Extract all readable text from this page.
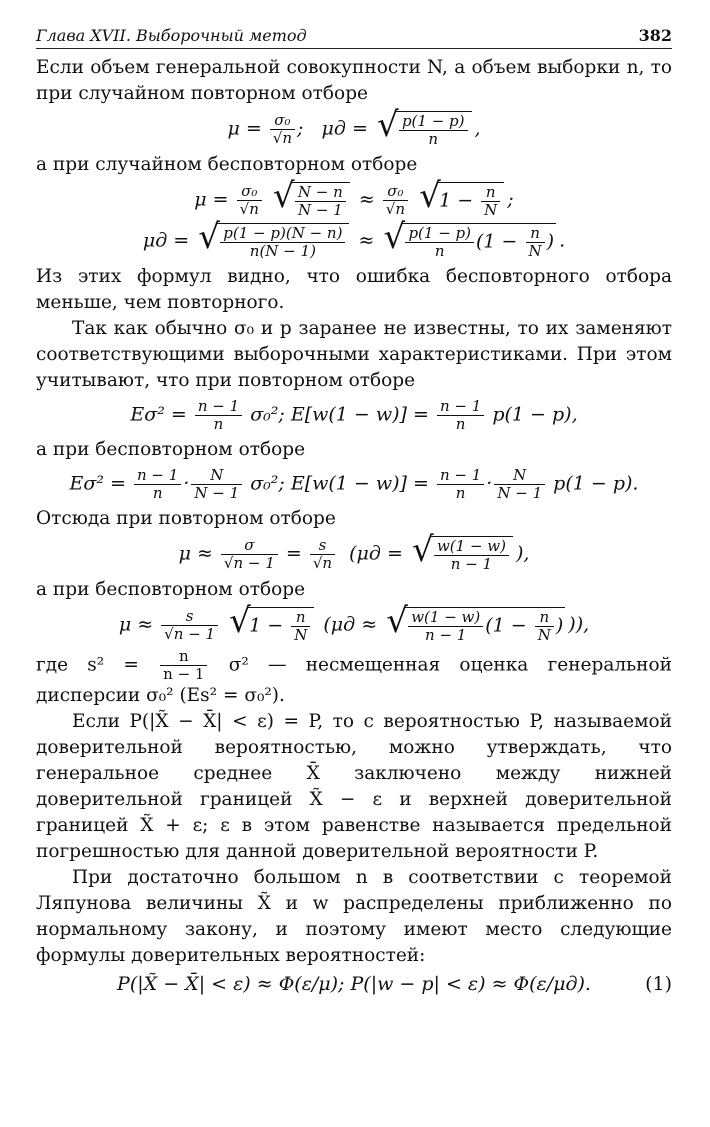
Глава XVII. Выборочный метод	382

Если объем генеральной совокупности N, а объем выборки n, то при случайном повторном отборе

$\mu = \frac{\text{σ₀}}{√n}$ ;   μд = √ $\frac{p(1 - p)}{n}$ ,

а при случайном бесповторном отборе

$\mu = \frac{\text{σ₀}}{√n}$
√ $\frac{N - n}{N - 1} \approx \frac{\text{σ₀}}{√n}$ √ $1 - \frac{n}{N}$ ;
μд = √ $\frac{p(1 - p)(N - n)}{n(N - 1)}$ ≈ √ $\frac{p(1 - p)}{n} (1 - \frac{n}{N}$ ) .

Из этих формул видно, что ошибка бесповторного отбора меньше, чем повторного.

Так как обычно σ₀ и p заранее не известны, то их заменяют соответствующими выборочными характеристиками. При этом учитывают, что при повторном отборе

$E\sigma^2 = \frac{n - 1}{n} \sigma_0^2$; $E[w(1 - w)] = \frac{n - 1}{n} p(1 - p)$,

а при бесповторном отборе

$E\sigma^2 = \frac{n - 1}{n} \cdot \frac{N}{N - 1} \sigma_0^2$; $E[w(1 - w)] = \frac{n - 1}{n} \cdot \frac{N}{N - 1} p(1 - p)$.

Отсюда при повторном отборе

$\mu \approx \frac{\sigma}{√n - 1} = \frac{s}{√n} (\mu д$ = √ $\frac{w(1 - w)}{n - 1}$ ),

а при бесповторном отборе

$\mu \approx \frac{s}{√n - 1}$ √ $1 - \frac{n}{N} (\mu д$ ≈ √ $\frac{w(1 - w)}{n - 1} (1 - \frac{n}{N}$ ) )),

где $s^2 = \frac{n}{n - 1} \sigma^2$ — несмещенная оценка генеральной дисперсии σ₀² (Es² = σ₀²).

Если P(|X̃ − X̄| < ε) = P, то с вероятностью P, называемой доверительной вероятностью, можно утверждать, что генеральное среднее X̄ заключено между нижней доверительной границей X̃ − ε и верхней доверительной границей X̃ + ε; ε в этом равенстве называется предельной погрешностью для данной доверительной вероятности P.

При достаточно большом n в соответствии с теоремой Ляпунова величины X̃ и w распределены приближенно по нормальному закону, и поэтому имеют место следующие формулы доверительных вероятностей:

P(|X̃ − X̄| < ε) ≈ Φ(ε/μ); P(|w − p| < ε) ≈ Φ(ε/μд).	(1)
